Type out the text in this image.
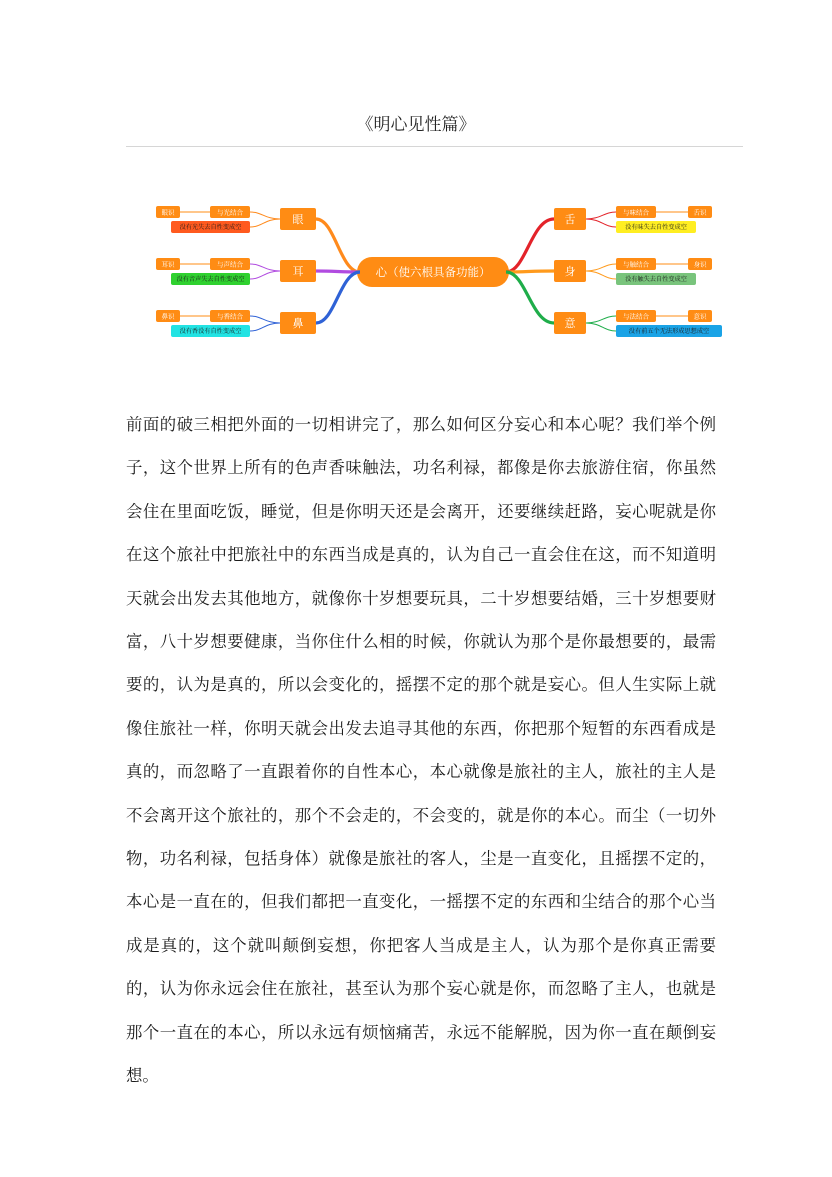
《明心见性篇》
心（使六根具备功能）
眼
与光结合
眼识
没有光失去自性变成空
耳
与声结合
耳识
没有音声失去自性变成空
鼻
与香结合
鼻识
没有香没有自性变成空
舌
与味结合	舌识
没有味失去自性变成空
身
与触结合	身识
没有触失去自性变成空
意
与法结合	意识
没有前五个无法形成思想成空

前面的破三相把外面的一切相讲完了，那么如何区分妄心和本心呢？我们举个例子，这个世界上所有的色声香味触法，功名利禄，都像是你去旅游住宿，你虽然会住在里面吃饭，睡觉，但是你明天还是会离开，还要继续赶路，妄心呢就是你在这个旅社中把旅社中的东西当成是真的，认为自己一直会住在这，而不知道明天就会出发去其他地方，就像你十岁想要玩具，二十岁想要结婚，三十岁想要财富，八十岁想要健康，当你住什么相的时候，你就认为那个是你最想要的，最需要的，认为是真的，所以会变化的，摇摆不定的那个就是妄心。但人生实际上就像住旅社一样，你明天就会出发去追寻其他的东西，你把那个短暂的东西看成是真的，而忽略了一直跟着你的自性本心，本心就像是旅社的主人，旅社的主人是不会离开这个旅社的，那个不会走的，不会变的，就是你的本心。而尘（一切外物，功名利禄，包括身体）就像是旅社的客人，尘是一直变化，且摇摆不定的，本心是一直在的，但我们都把一直变化，一摇摆不定的东西和尘结合的那个心当成是真的，这个就叫颠倒妄想，你把客人当成是主人，认为那个是你真正需要的，认为你永远会住在旅社，甚至认为那个妄心就是你，而忽略了主人，也就是那个一直在的本心，所以永远有烦恼痛苦，永远不能解脱，因为你一直在颠倒妄想。
